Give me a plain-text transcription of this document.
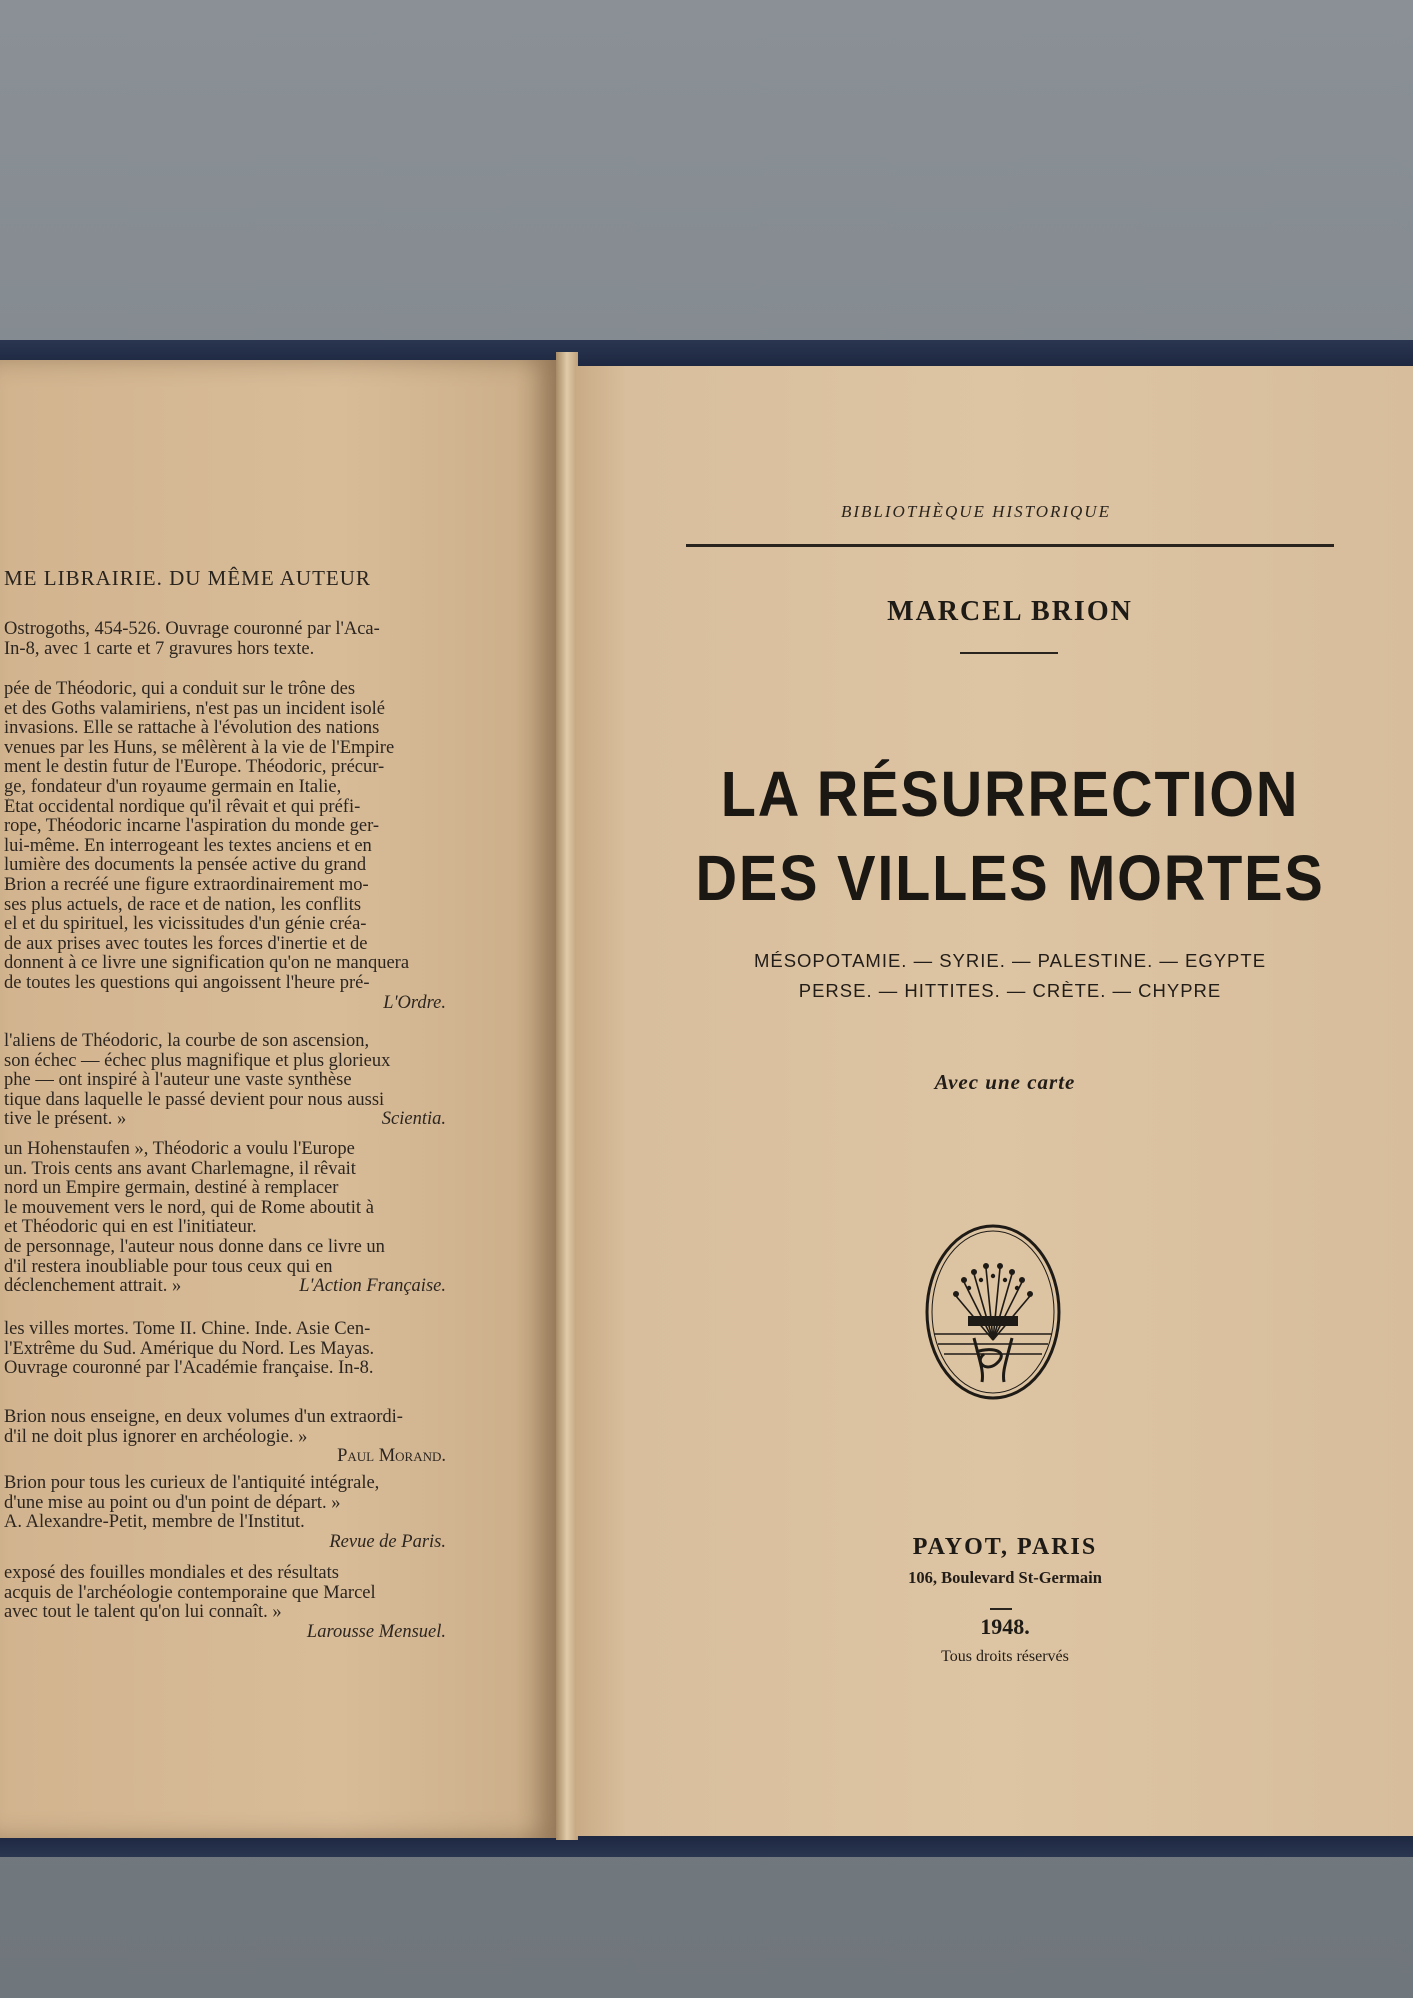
ME LIBRAIRIE. DU MÊME AUTEUR
Ostrogoths, 454-526. Ouvrage couronné par l'Aca-
In-8, avec 1 carte et 7 gravures hors texte.
pée de Théodoric, qui a conduit sur le trône des
et des Goths valamiriens, n'est pas un incident isolé
invasions. Elle se rattache à l'évolution des nations
venues par les Huns, se mêlèrent à la vie de l'Empire
ment le destin futur de l'Europe. Théodoric, précur-
ge, fondateur d'un royaume germain en Italie,
État occidental nordique qu'il rêvait et qui préfi-
rope, Théodoric incarne l'aspiration du monde ger-
lui-même. En interrogeant les textes anciens et en
lumière des documents la pensée active du grand
Brion a recréé une figure extraordinairement mo-
ses plus actuels, de race et de nation, les conflits
el et du spirituel, les vicissitudes d'un génie créa-
de aux prises avec toutes les forces d'inertie et de
donnent à ce livre une signification qu'on ne manquera
de toutes les questions qui angoissent l'heure pré-
L'Ordre.
l'aliens de Théodoric, la courbe de son ascension,
son échec — échec plus magnifique et plus glorieux
phe — ont inspiré à l'auteur une vaste synthèse
tique dans laquelle le passé devient pour nous aussi
tive le présent. »	Scientia.
un Hohenstaufen », Théodoric a voulu l'Europe
un. Trois cents ans avant Charlemagne, il rêvait
nord un Empire germain, destiné à remplacer
le mouvement vers le nord, qui de Rome aboutit à
et Théodoric qui en est l'initiateur.
de personnage, l'auteur nous donne dans ce livre un
d'il restera inoubliable pour tous ceux qui en
déclenchement attrait. »	L'Action Française.
les villes mortes. Tome II. Chine. Inde. Asie Cen-
l'Extrême du Sud. Amérique du Nord. Les Mayas.
Ouvrage couronné par l'Académie française. In-8.
Brion nous enseigne, en deux volumes d'un extraordi-
d'il ne doit plus ignorer en archéologie. »
Paul Morand.
Brion pour tous les curieux de l'antiquité intégrale,
d'une mise au point ou d'un point de départ. »
A. Alexandre-Petit, membre de l'Institut.
Revue de Paris.
exposé des fouilles mondiales et des résultats
acquis de l'archéologie contemporaine que Marcel
avec tout le talent qu'on lui connaît. »
Larousse Mensuel.
BIBLIOTHÈQUE HISTORIQUE
MARCEL BRION
LA RÉSURRECTION
DES VILLES MORTES
MÉSOPOTAMIE. — SYRIE. — PALESTINE. — EGYPTE
PERSE. — HITTITES. — CRÈTE. — CHYPRE
Avec une carte
PAYOT, PARIS
106, Boulevard St-Germain
1948.
Tous droits réservés
